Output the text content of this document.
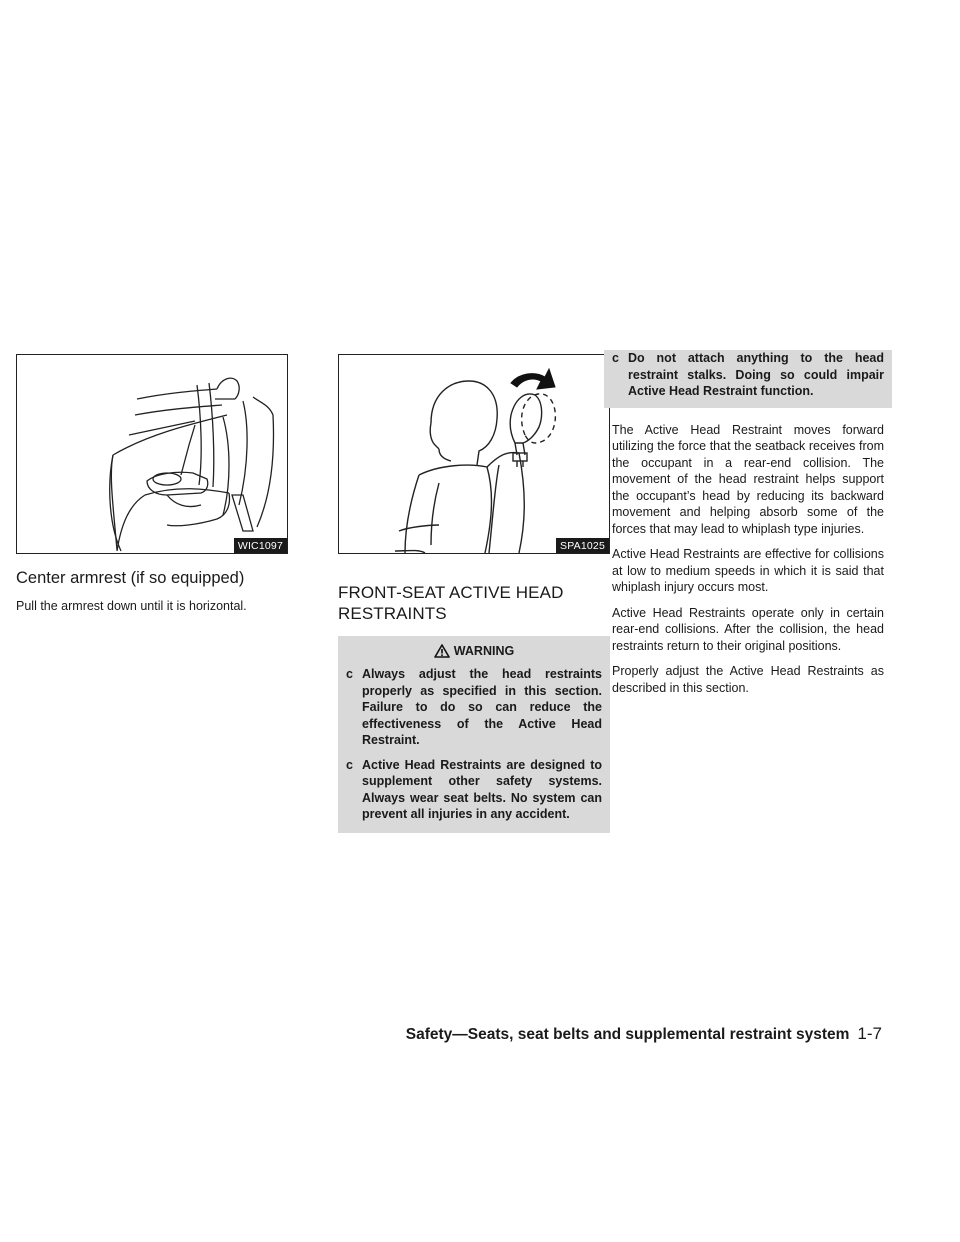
WIC1097
Center armrest (if so equipped)

Pull the armrest down until it is horizontal.

SPA1025
FRONT-SEAT ACTIVE HEAD RESTRAINTS
WARNING
c Always adjust the head restraints properly as specified in this section. Failure to do so can reduce the effectiveness of the Active Head Restraint.
c Active Head Restraints are designed to supplement other safety systems. Always wear seat belts. No system can prevent all injuries in any accident.
c Do not attach anything to the head restraint stalks. Doing so could impair Active Head Restraint function.

The Active Head Restraint moves forward utilizing the force that the seatback receives from the occupant in a rear-end collision. The movement of the head restraint helps support the occupant’s head by reducing its backward movement and helping absorb some of the forces that may lead to whiplash type injuries.

Active Head Restraints are effective for collisions at low to medium speeds in which it is said that whiplash injury occurs most.

Active Head Restraints operate only in certain rear-end collisions. After the collision, the head restraints return to their original positions.

Properly adjust the Active Head Restraints as described in this section.

Safety—Seats, seat belts and supplemental restraint system 1-7
